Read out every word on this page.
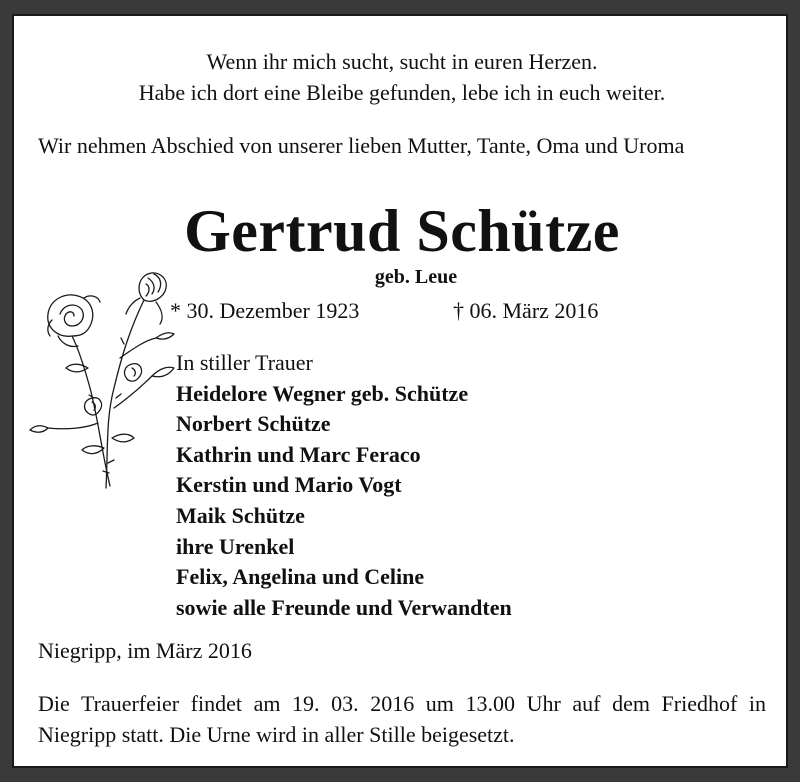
Wenn ihr mich sucht, sucht in euren Herzen.
Habe ich dort eine Bleibe gefunden, lebe ich in euch weiter.
Wir nehmen Abschied von unserer lieben Mutter, Tante, Oma und Uroma
Gertrud Schütze
geb. Leue
* 30. Dezember 1923	† 06. März 2016
In stiller Trauer
Heidelore Wegner geb. Schütze
Norbert Schütze
Kathrin und Marc Feraco
Kerstin und Mario Vogt
Maik Schütze
ihre Urenkel
Felix, Angelina und Celine
sowie alle Freunde und Verwandten
Niegripp, im März 2016
Die Trauerfeier findet am 19. 03. 2016 um 13.00 Uhr auf dem Friedhof in Niegripp statt. Die Urne wird in aller Stille beigesetzt.
